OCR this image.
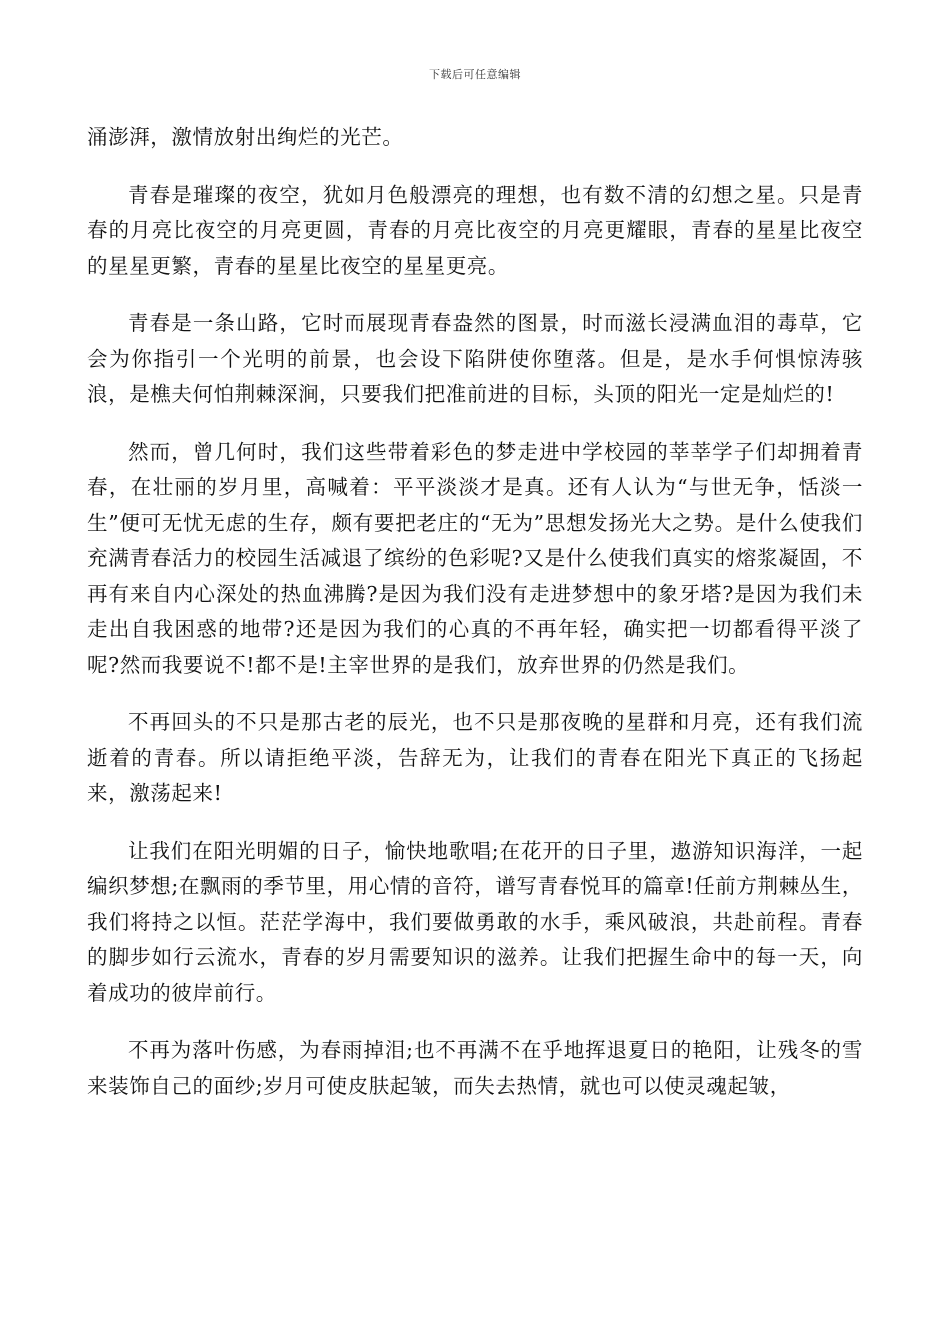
下载后可任意编辑

涌澎湃，激情放射出绚烂的光芒。

青春是璀璨的夜空，犹如月色般漂亮的理想，也有数不清的幻想之星。只是青春的月亮比夜空的月亮更圆，青春的月亮比夜空的月亮更耀眼，青春的星星比夜空的星星更繁，青春的星星比夜空的星星更亮。

青春是一条山路，它时而展现青春盎然的图景，时而滋长浸满血泪的毒草，它会为你指引一个光明的前景，也会设下陷阱使你堕落。但是，是水手何惧惊涛骇浪，是樵夫何怕荆棘深涧，只要我们把准前进的目标，头顶的阳光一定是灿烂的!

然而，曾几何时，我们这些带着彩色的梦走进中学校园的莘莘学子们却拥着青春，在壮丽的岁月里，高喊着：平平淡淡才是真。还有人认为“与世无争，恬淡一生”便可无忧无虑的生存，颇有要把老庄的“无为”思想发扬光大之势。是什么使我们充满青春活力的校园生活减退了缤纷的色彩呢?又是什么使我们真实的熔浆凝固，不再有来自内心深处的热血沸腾?是因为我们没有走进梦想中的象牙塔?是因为我们未走出自我困惑的地带?还是因为我们的心真的不再年轻，确实把一切都看得平淡了呢?然而我要说不!都不是!主宰世界的是我们，放弃世界的仍然是我们。

不再回头的不只是那古老的辰光，也不只是那夜晚的星群和月亮，还有我们流逝着的青春。所以请拒绝平淡，告辞无为，让我们的青春在阳光下真正的飞扬起来，激荡起来!

让我们在阳光明媚的日子，愉快地歌唱;在花开的日子里，遨游知识海洋，一起编织梦想;在飘雨的季节里，用心情的音符，谱写青春悦耳的篇章!任前方荆棘丛生，我们将持之以恒。茫茫学海中，我们要做勇敢的水手，乘风破浪，共赴前程。青春的脚步如行云流水，青春的岁月需要知识的滋养。让我们把握生命中的每一天，向着成功的彼岸前行。

不再为落叶伤感，为春雨掉泪;也不再满不在乎地挥退夏日的艳阳，让残冬的雪来装饰自己的面纱;岁月可使皮肤起皱，而失去热情，就也可以使灵魂起皱，
